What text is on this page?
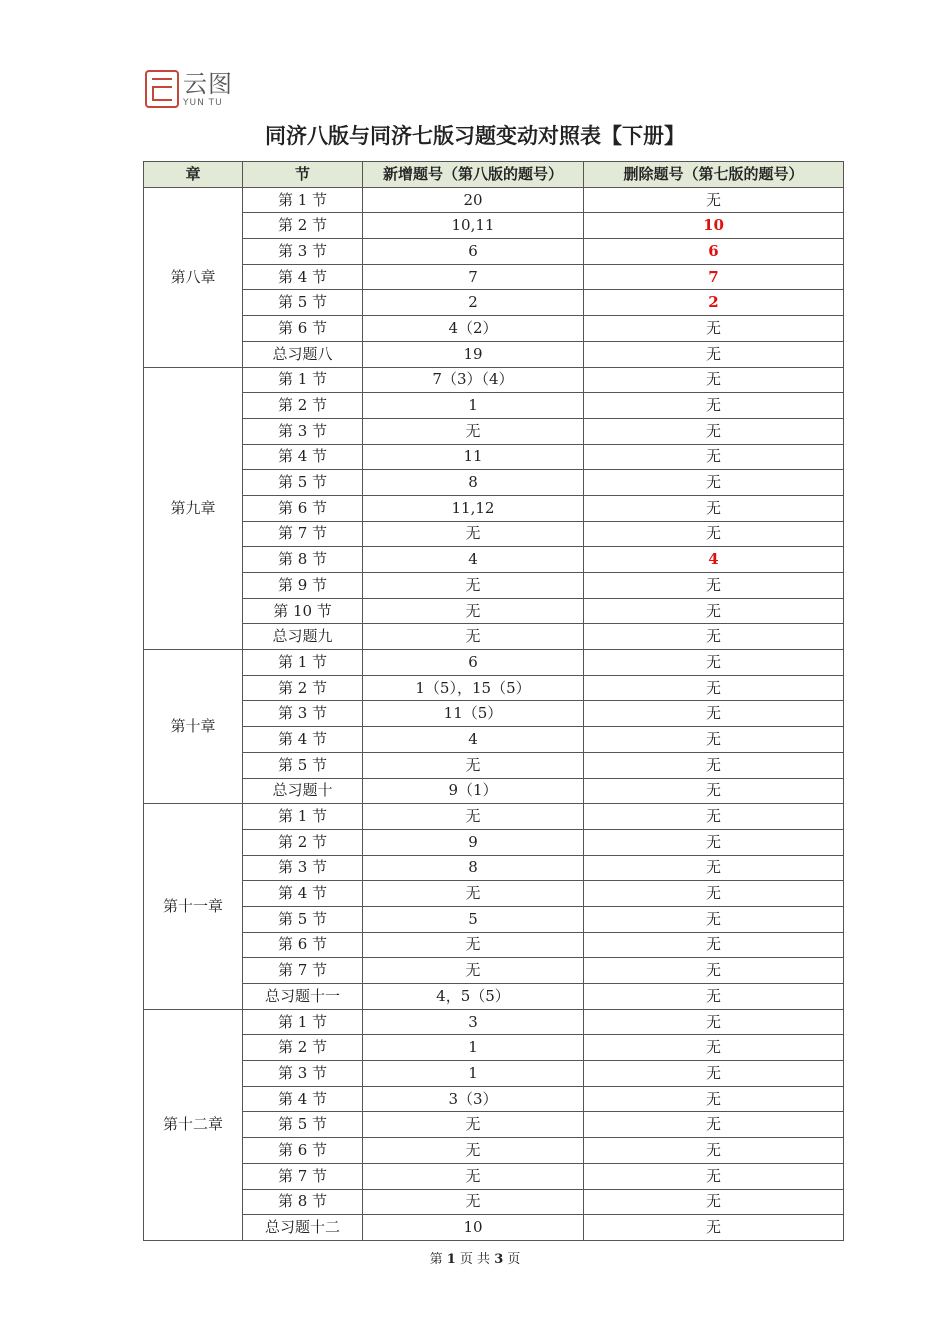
云图
YUN TU
同济八版与同济七版习题变动对照表【下册】
章	节	新增题号（第八版的题号）	删除题号（第七版的题号）
第八章	第 1 节	20	无
	第 2 节	10,11	10
	第 3 节	6	6
	第 4 节	7	7
	第 5 节	2	2
	第 6 节	4（2）	无
	总习题八	19	无
第九章	第 1 节	7（3）（4）	无
	第 2 节	1	无
	第 3 节	无	无
	第 4 节	11	无
	第 5 节	8	无
	第 6 节	11,12	无
	第 7 节	无	无
	第 8 节	4	4
	第 9 节	无	无
	第 10 节	无	无
	总习题九	无	无
第十章	第 1 节	6	无
	第 2 节	1（5），15（5）	无
	第 3 节	11（5）	无
	第 4 节	4	无
	第 5 节	无	无
	总习题十	9（1）	无
第十一章	第 1 节	无	无
	第 2 节	9	无
	第 3 节	8	无
	第 4 节	无	无
	第 5 节	5	无
	第 6 节	无	无
	第 7 节	无	无
	总习题十一	4，5（5）	无
第十二章	第 1 节	3	无
	第 2 节	1	无
	第 3 节	1	无
	第 4 节	3（3）	无
	第 5 节	无	无
	第 6 节	无	无
	第 7 节	无	无
	第 8 节	无	无
	总习题十二	10	无
第 1 页 共 3 页
